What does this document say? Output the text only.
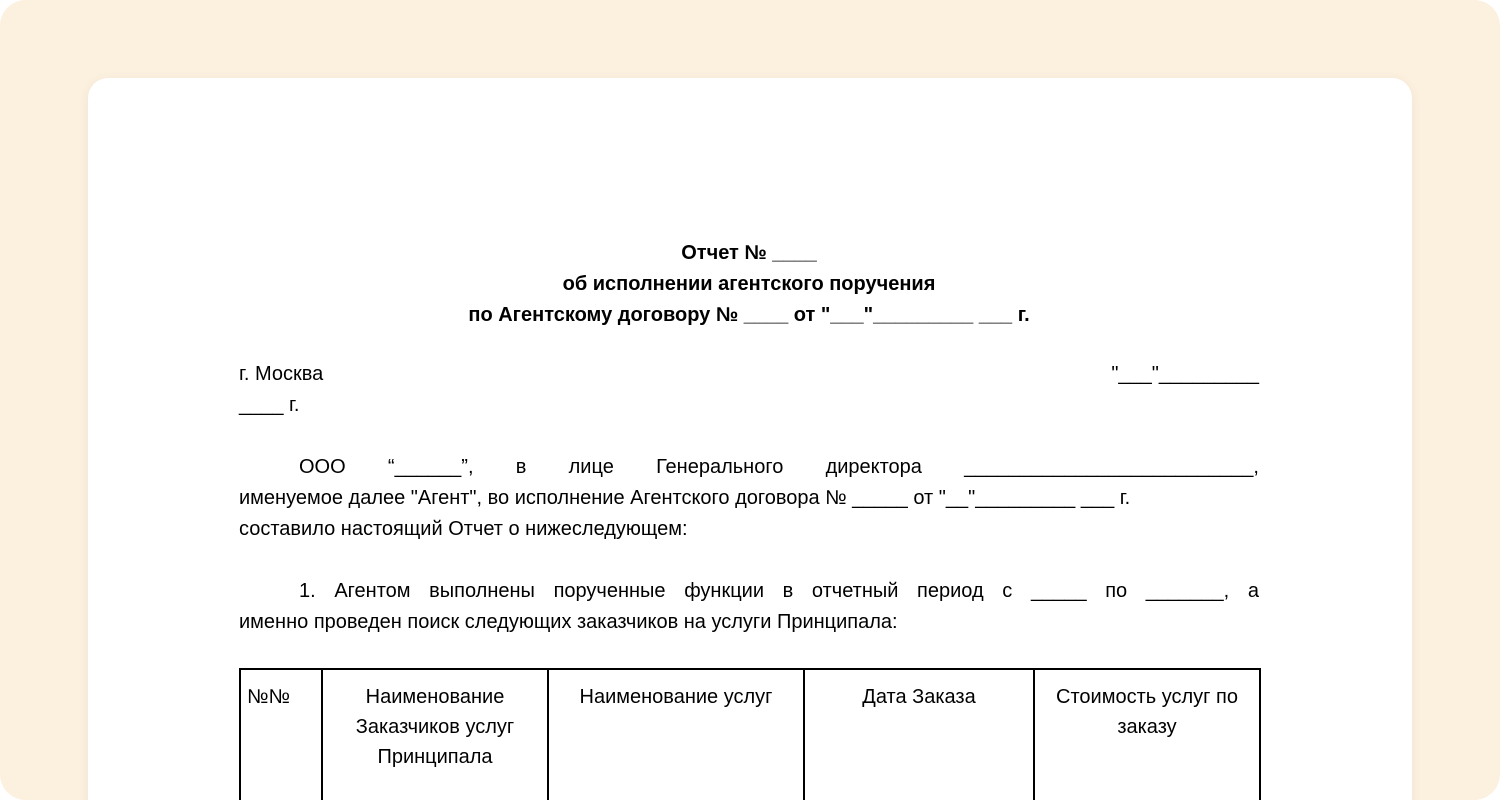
Отчет № ____
об исполнении агентского поручения
по Агентскому договору № ____ от "___"_________ ___ г.
г. Москва	"___"_________
____ г.
ООО “______”, в лице Генерального директора __________________________,
именуемое далее "Агент", во исполнение Агентского договора № _____ от "__"_________ ___ г.
составило настоящий Отчет о нижеследующем:
1. Агентом выполнены порученные функции в отчетный период с _____ по _______, а
именно проведен поиск следующих заказчиков на услуги Принципала:
№№	Наименование Заказчиков услуг Принципала	Наименование услуг	Дата Заказа	Стоимость услуг по заказу
